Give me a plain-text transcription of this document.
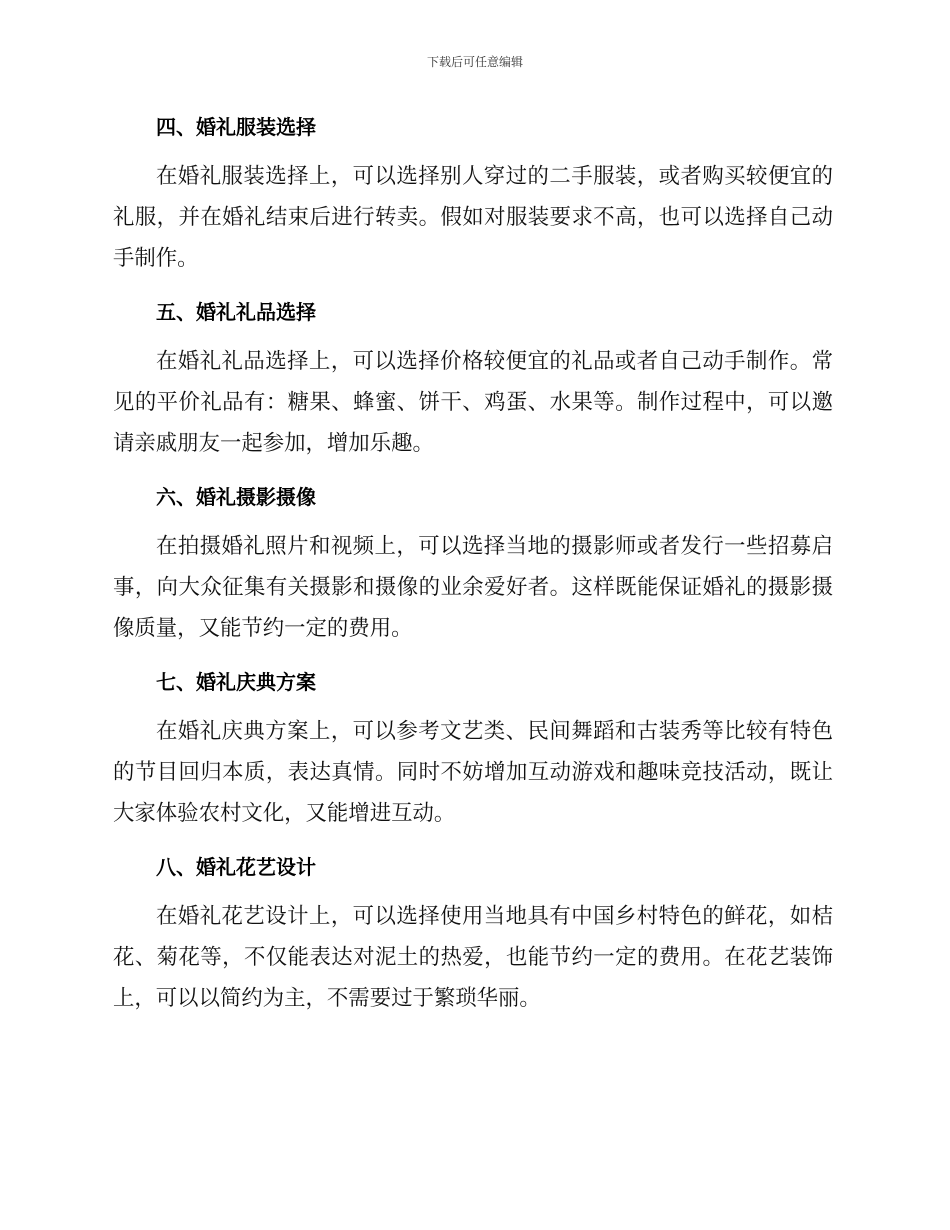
下载后可任意编辑
四、婚礼服装选择

在婚礼服装选择上，可以选择别人穿过的二手服装，或者购买较便宜的礼服，并在婚礼结束后进行转卖。假如对服装要求不高，也可以选择自己动手制作。

五、婚礼礼品选择

在婚礼礼品选择上，可以选择价格较便宜的礼品或者自己动手制作。常见的平价礼品有：糖果、蜂蜜、饼干、鸡蛋、水果等。制作过程中，可以邀请亲戚朋友一起参加，增加乐趣。

六、婚礼摄影摄像

在拍摄婚礼照片和视频上，可以选择当地的摄影师或者发行一些招募启事，向大众征集有关摄影和摄像的业余爱好者。这样既能保证婚礼的摄影摄像质量，又能节约一定的费用。

七、婚礼庆典方案

在婚礼庆典方案上，可以参考文艺类、民间舞蹈和古装秀等比较有特色的节目回归本质，表达真情。同时不妨增加互动游戏和趣味竞技活动，既让大家体验农村文化，又能增进互动。

八、婚礼花艺设计

在婚礼花艺设计上，可以选择使用当地具有中国乡村特色的鲜花，如桔花、菊花等，不仅能表达对泥土的热爱，也能节约一定的费用。在花艺装饰上，可以以简约为主，不需要过于繁琐华丽。
